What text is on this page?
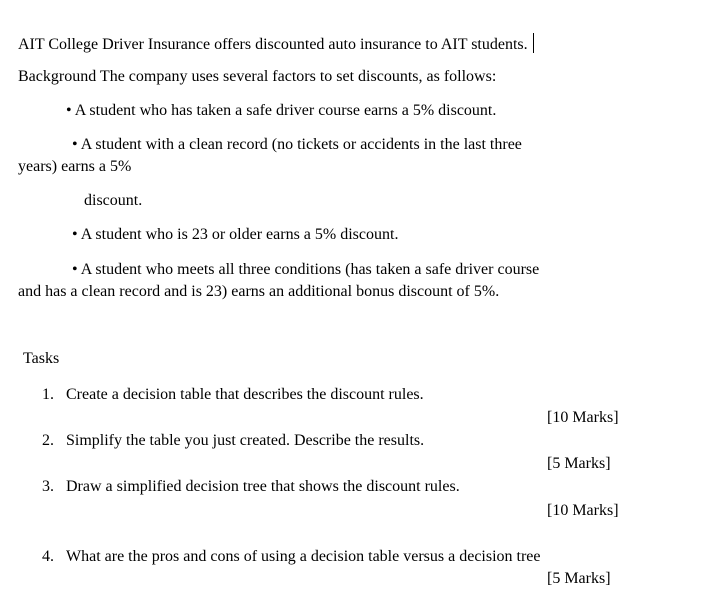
AIT College Driver Insurance offers discounted auto insurance to AIT students.
Background The company uses several factors to set discounts, as follows:
• A student who has taken a safe driver course earns a 5% discount.
• A student with a clean record (no tickets or accidents in the last three
years) earns a 5%
discount.
• A student who is 23 or older earns a 5% discount.
• A student who meets all three conditions (has taken a safe driver course
and has a clean record and is 23) earns an additional bonus discount of 5%.
Tasks
1. Create a decision table that describes the discount rules.
[10 Marks]
2. Simplify the table you just created. Describe the results.
[5 Marks]
3. Draw a simplified decision tree that shows the discount rules.
[10 Marks]
4. What are the pros and cons of using a decision table versus a decision tree
[5 Marks]
